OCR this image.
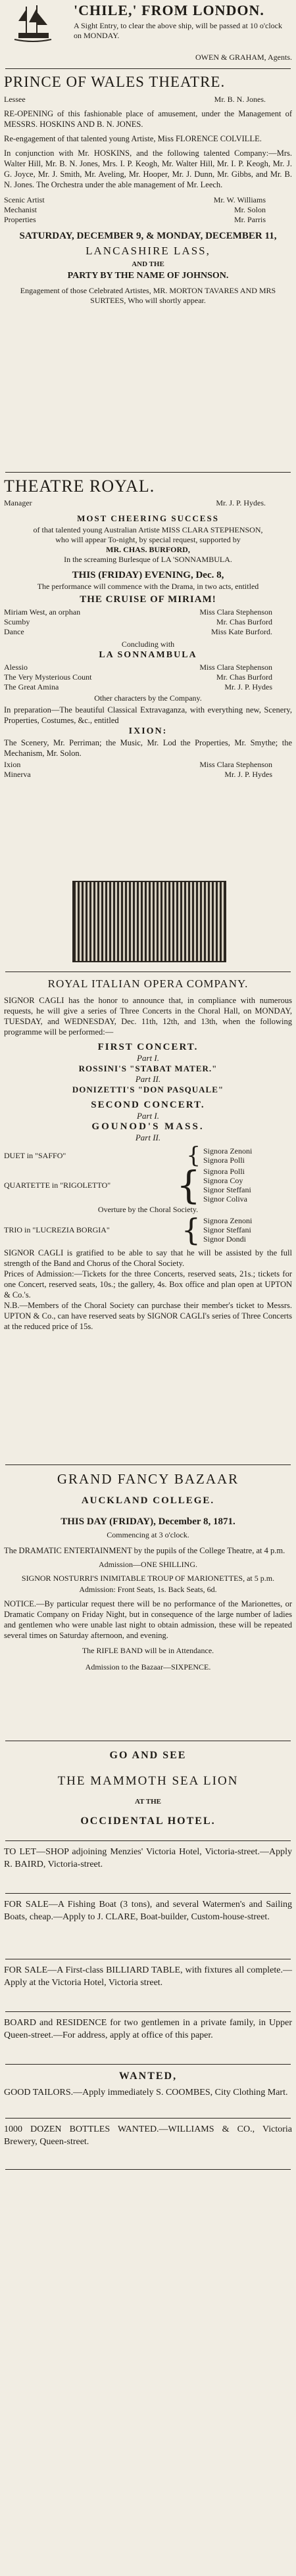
'CHILE,' FROM LONDON.
A Sight Entry, to clear the above ship, will be passed at 10 o'clock on MONDAY.
OWEN & GRAHAM, Agents.
PRINCE OF WALES THEATRE.
Lessee	Mr. B. N. Jones.
RE-OPENING of this fashionable place of amusement, under the Management of MESSRS. HOSKINS AND B. N. JONES.
Re-engagement of that talented young Artiste, Miss FLORENCE COLVILLE.
In conjunction with Mr. HOSKINS, and the following talented Company:—Mrs. Walter Hill, Mr. B. N. Jones, Mrs. I. P. Keogh, Mr. Walter Hill, Mr. I. P. Keogh, Mr. J. G. Joyce, Mr. J. Smith, Mr. Aveling, Mr. Hooper, Mr. J. Dunn, Mr. Gibbs, and Mr. B. N. Jones. The Orchestra under the able management of Mr. Leech.
Scenic Artist	Mr. W. Williams
Mechanist	Mr. Solon
Properties	Mr. Parris
SATURDAY, DECEMBER 9, & MONDAY, DECEMBER 11,
LANCASHIRE LASS,
AND THE
PARTY BY THE NAME OF JOHNSON.
Engagement of those Celebrated Artistes, MR. MORTON TAVARES AND MRS SURTEES, Who will shortly appear.
THEATRE ROYAL.
Manager	Mr. J. P. Hydes.
MOST CHEERING SUCCESS
of that talented young Australian Artiste MISS CLARA STEPHENSON,
who will appear To-night, by special request, supported by
MR. CHAS. BURFORD,
In the screaming Burlesque of LA 'SONNAMBULA.
THIS (FRIDAY) EVENING, Dec. 8,
The performance will commence with the Drama, in two acts, entitled
THE CRUISE OF MIRIAM!
Miriam West, an orphan	Miss Clara Stephenson
Scumby	Mr. Chas Burford
Dance	Miss Kate Burford.
Concluding with
LA SONNAMBULA
Alessio	Miss Clara Stephenson
The Very Mysterious Count	Mr. Chas Burford
The Great Amina	Mr. J. P. Hydes
Other characters by the Company.
In preparation—The beautiful Classical Extravaganza, with everything new, Scenery, Properties, Costumes, &c., entitled
IXION:
The Scenery, Mr. Perriman; the Music, Mr. Lod the Properties, Mr. Smythe; the Mechanism, Mr. Solon.
Ixion	Miss Clara Stephenson
Minerva	Mr. J. P. Hydes
ROYAL ITALIAN OPERA COMPANY.
SIGNOR CAGLI has the honor to announce that, in compliance with numerous requests, he will give a series of Three Concerts in the Choral Hall, on MONDAY, TUESDAY, and WEDNESDAY, Dec. 11th, 12th, and 13th, when the following programme will be performed:—
FIRST CONCERT.
Part I.
ROSSINI'S "STABAT MATER."
Part II.
DONIZETTI'S "DON PASQUALE"
SECOND CONCERT.
Part I.
GOUNOD'S MASS.
Part II.
DUET in "SAFFO"	{ Signora Zenoni
Signora Polli
QUARTETTE in "RIGOLETTO"	{ Signora Polli
Signora Coy
Signor Steffani
Signor Coliva
Overture by the Choral Society.
TRIO in "LUCREZIA BORGIA"	{ Signora Zenoni
Signor Steffani
Signor Dondi
SIGNOR CAGLI is gratified to be able to say that he will be assisted by the full strength of the Band and Chorus of the Choral Society.
Prices of Admission:—Tickets for the three Concerts, reserved seats, 21s.; tickets for one Concert, reserved seats, 10s.; the gallery, 4s. Box office and plan open at UPTON & Co.'s.
N.B.—Members of the Choral Society can purchase their member's ticket to Messrs. UPTON & Co., can have reserved seats by SIGNOR CAGLI's series of Three Concerts at the reduced price of 15s.
GRAND FANCY BAZAAR
AUCKLAND COLLEGE.
THIS DAY (FRIDAY), December 8, 1871.
Commencing at 3 o'clock.
The DRAMATIC ENTERTAINMENT by the pupils of the College Theatre, at 4 p.m.
Admission—ONE SHILLING.
SIGNOR NOSTURRI'S INIMITABLE TROUP OF MARIONETTES, at 5 p.m.
Admission: Front Seats, 1s. Back Seats, 6d.
NOTICE.—By particular request there will be no performance of the Marionettes, or Dramatic Company on Friday Night, but in consequence of the large number of ladies and gentlemen who were unable last night to obtain admission, these will be repeated several times on Saturday afternoon, and evening.
The RIFLE BAND will be in Attendance.
Admission to the Bazaar—SIXPENCE.
GO AND SEE
THE MAMMOTH SEA LION
AT THE
OCCIDENTAL HOTEL.
TO LET—SHOP adjoining Menzies' Victoria Hotel, Victoria-street.—Apply R. BAIRD, Victoria-street.
FOR SALE—A Fishing Boat (3 tons), and several Watermen's and Sailing Boats, cheap.—Apply to J. CLARE, Boat-builder, Custom-house-street.
FOR SALE—A First-class BILLIARD TABLE, with fixtures all complete.—Apply at the Victoria Hotel, Victoria street.
BOARD and RESIDENCE for two gentlemen in a private family, in Upper Queen-street.—For address, apply at office of this paper.
WANTED,
GOOD TAILORS.—Apply immediately S. COOMBES, City Clothing Mart.
1000 DOZEN BOTTLES WANTED.—WILLIAMS & CO., Victoria Brewery, Queen-street.
